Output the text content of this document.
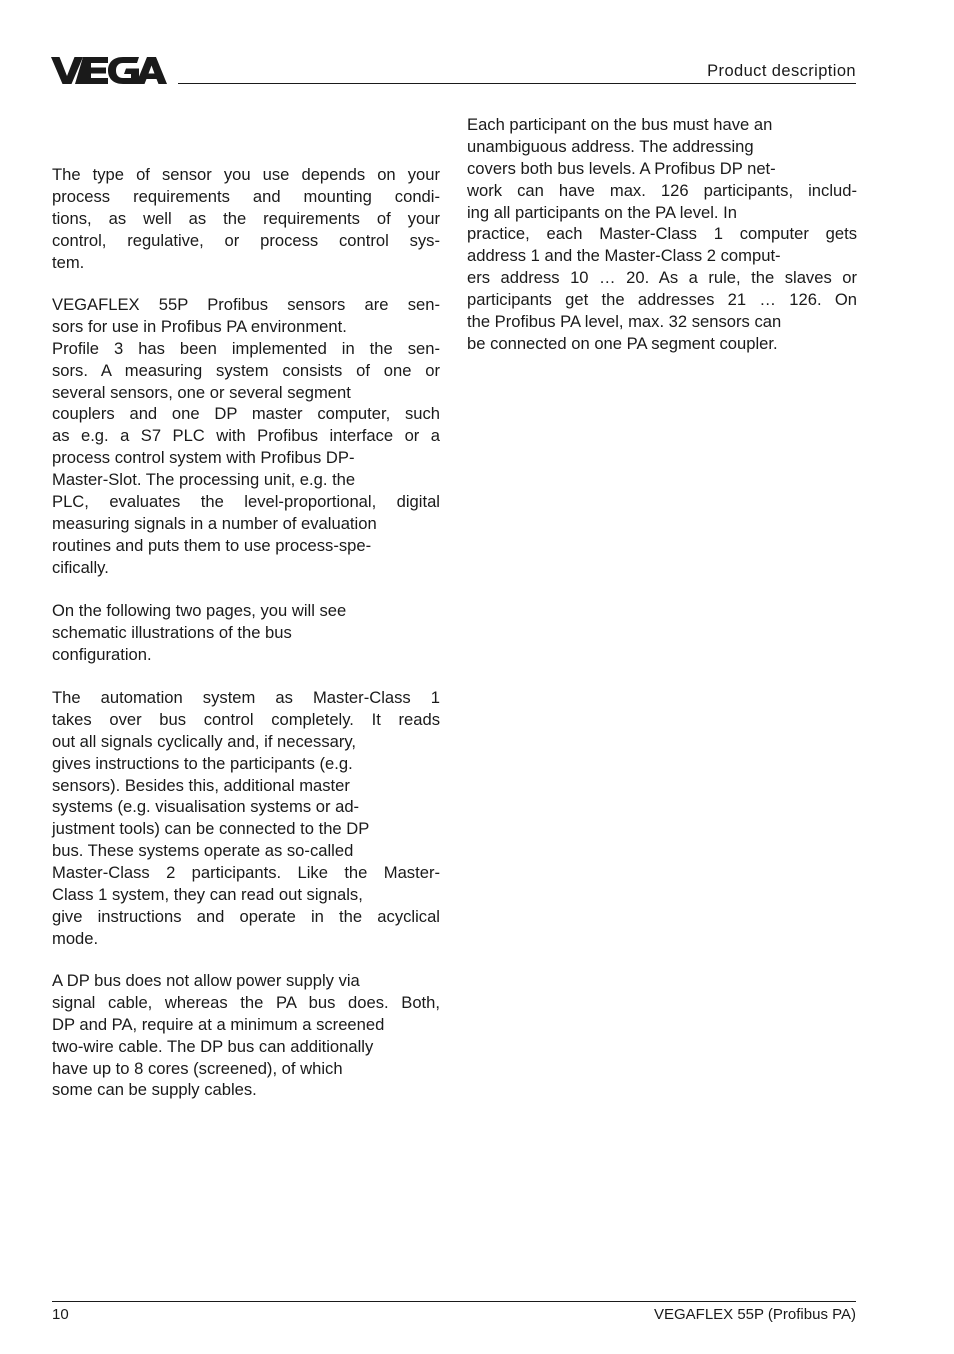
Product description
The type of sensor you use depends on your
process requirements and mounting condi-
tions, as well as the requirements of your
control, regulative, or process control sys-
tem.
VEGAFLEX 55P Profibus sensors are sen-
sors for use in Profibus PA environment.
Profile 3 has been implemented in the sen-
sors. A measuring system consists of one or
several sensors, one or several segment
couplers and one DP master computer, such
as e.g. a S7 PLC with Profibus interface or a
process control system with Profibus DP-
Master-Slot. The processing unit, e.g. the
PLC, evaluates the level-proportional, digital
measuring signals in a number of evaluation
routines and puts them to use process-spe-
cifically.
On the following two pages, you will see
schematic illustrations of the bus
configuration.
The automation system as Master-Class 1
takes over bus control completely. It reads
out all signals cyclically and, if necessary,
gives instructions to the participants (e.g.
sensors). Besides this, additional master
systems (e.g. visualisation systems or ad-
justment tools) can be connected to the DP
bus. These systems operate as so-called
Master-Class 2 participants. Like the Master-
Class 1 system, they can read out signals,
give instructions and operate in the acyclical
mode.
A DP bus does not allow power supply via
signal cable, whereas the PA bus does. Both,
DP and PA, require at a minimum a screened
two-wire cable. The DP bus can additionally
have up to 8 cores (screened), of which
some can be supply cables.
Each participant on the bus must have an
unambiguous address. The addressing
covers both bus levels. A Profibus DP net-
work can have max. 126 participants, includ-
ing all participants on the PA level. In
practice, each Master-Class 1 computer gets
address 1 and the Master-Class 2 comput-
ers address 10 … 20. As a rule, the slaves or
participants get the addresses 21 … 126. On
the Profibus PA level, max. 32 sensors can
be connected on one PA segment coupler.
10	VEGAFLEX 55P (Profibus PA)
